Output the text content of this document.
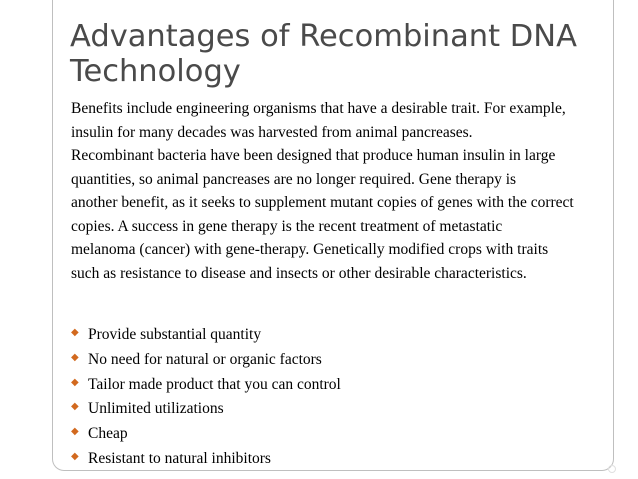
Advantages of Recombinant DNA Technology
Benefits include engineering organisms that have a desirable trait. For example,
insulin for many decades was harvested from animal pancreases.
Recombinant bacteria have been designed that produce human insulin in large
quantities, so animal pancreases are no longer required. Gene therapy is
another benefit, as it seeks to supplement mutant copies of genes with the correct
copies. A success in gene therapy is the recent treatment of metastatic
melanoma (cancer) with gene-therapy. Genetically modified crops with traits
such as resistance to disease and insects or other desirable characteristics.
◆ Provide substantial quantity
◆ No need for natural or organic factors
◆ Tailor made product that you can control
◆ Unlimited utilizations
◆ Cheap
◆ Resistant to natural inhibitors
